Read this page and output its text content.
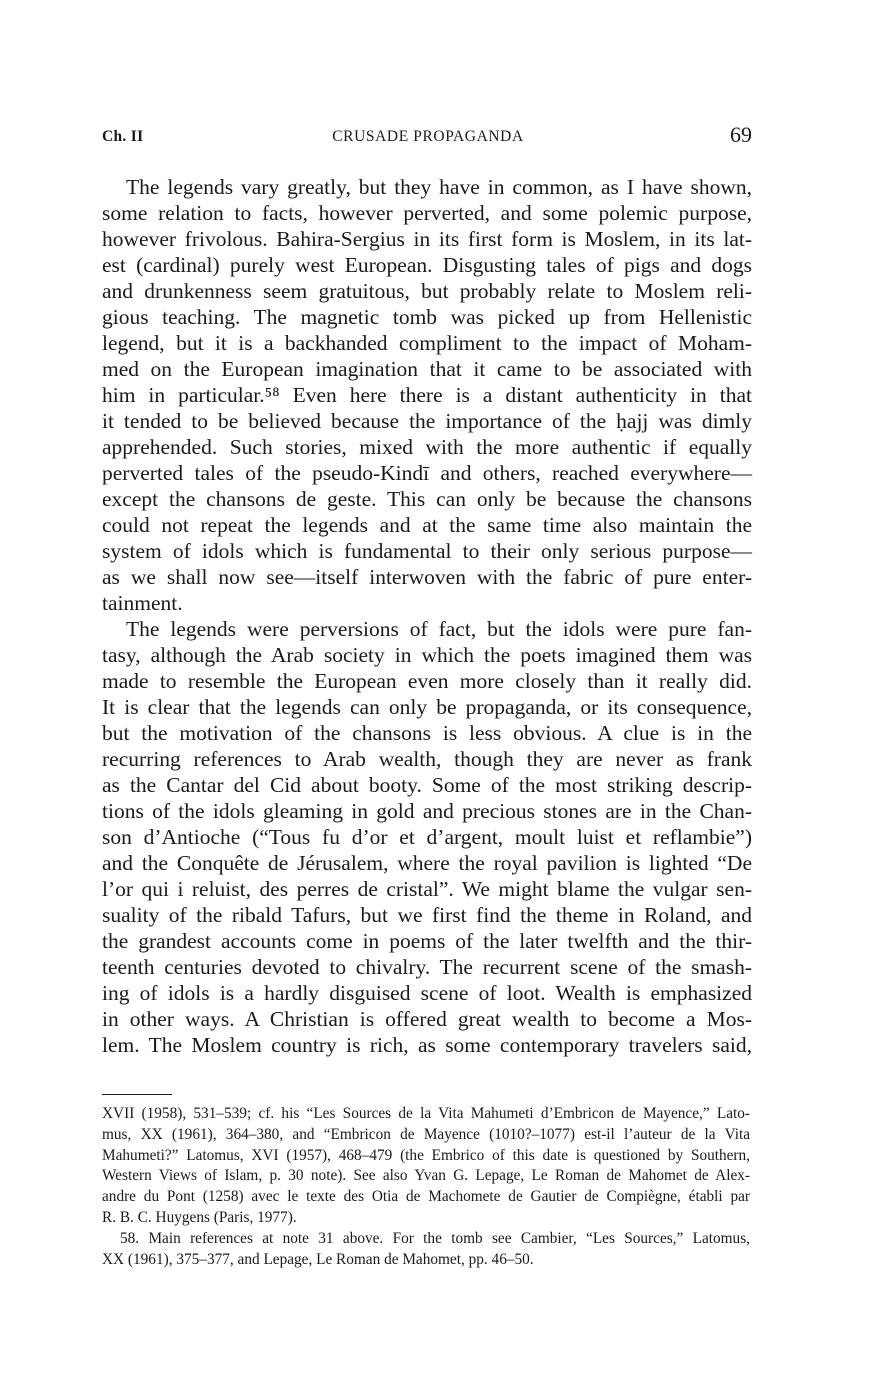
Ch. II	CRUSADE PROPAGANDA	69
The legends vary greatly, but they have in common, as I have shown,
some relation to facts, however perverted, and some polemic purpose,
however frivolous. Bahira-Sergius in its first form is Moslem, in its lat-
est (cardinal) purely west European. Disgusting tales of pigs and dogs
and drunkenness seem gratuitous, but probably relate to Moslem reli-
gious teaching. The magnetic tomb was picked up from Hellenistic
legend, but it is a backhanded compliment to the impact of Moham-
med on the European imagination that it came to be associated with
him in particular.⁵⁸ Even here there is a distant authenticity in that
it tended to be believed because the importance of the ḥajj was dimly
apprehended. Such stories, mixed with the more authentic if equally
perverted tales of the pseudo-Kindī and others, reached everywhere—
except the chansons de geste. This can only be because the chansons
could not repeat the legends and at the same time also maintain the
system of idols which is fundamental to their only serious purpose—
as we shall now see—itself interwoven with the fabric of pure enter-
tainment.
The legends were perversions of fact, but the idols were pure fan-
tasy, although the Arab society in which the poets imagined them was
made to resemble the European even more closely than it really did.
It is clear that the legends can only be propaganda, or its consequence,
but the motivation of the chansons is less obvious. A clue is in the
recurring references to Arab wealth, though they are never as frank
as the Cantar del Cid about booty. Some of the most striking descrip-
tions of the idols gleaming in gold and precious stones are in the Chan-
son d’Antioche (“Tous fu d’or et d’argent, moult luist et reflambie”)
and the Conquête de Jérusalem, where the royal pavilion is lighted “De
l’or qui i reluist, des perres de cristal”. We might blame the vulgar sen-
suality of the ribald Tafurs, but we first find the theme in Roland, and
the grandest accounts come in poems of the later twelfth and the thir-
teenth centuries devoted to chivalry. The recurrent scene of the smash-
ing of idols is a hardly disguised scene of loot. Wealth is emphasized
in other ways. A Christian is offered great wealth to become a Mos-
lem. The Moslem country is rich, as some contemporary travelers said,
XVII (1958), 531–539; cf. his “Les Sources de la Vita Mahumeti d’Embricon de Mayence,” Lato-
mus, XX (1961), 364–380, and “Embricon de Mayence (1010?–1077) est-il l’auteur de la Vita
Mahumeti?” Latomus, XVI (1957), 468–479 (the Embrico of this date is questioned by Southern,
Western Views of Islam, p. 30 note). See also Yvan G. Lepage, Le Roman de Mahomet de Alex-
andre du Pont (1258) avec le texte des Otia de Machomete de Gautier de Compiègne, établi par
R. B. C. Huygens (Paris, 1977).
58. Main references at note 31 above. For the tomb see Cambier, “Les Sources,” Latomus,
XX (1961), 375–377, and Lepage, Le Roman de Mahomet, pp. 46–50.
